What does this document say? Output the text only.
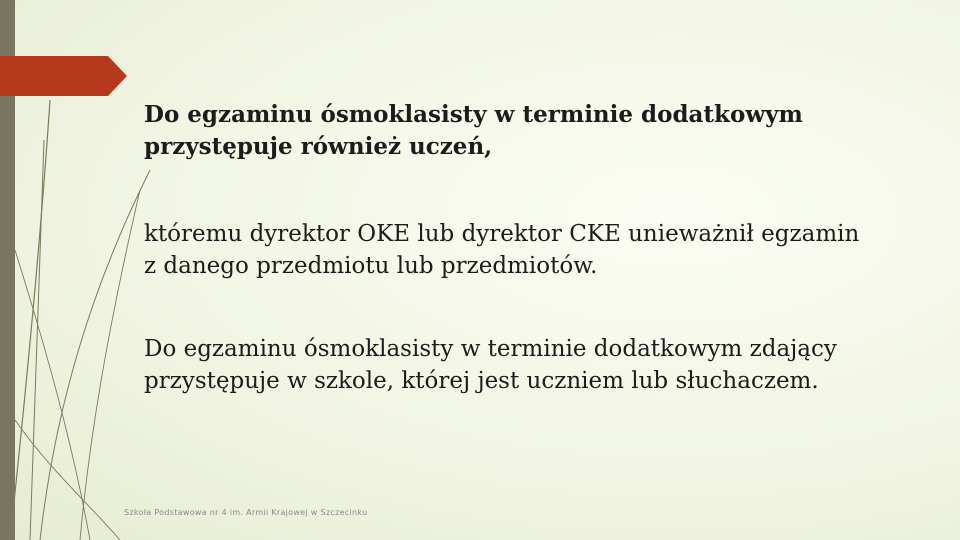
Do egzaminu ósmoklasisty w terminie dodatkowym

przystępuje również uczeń,

któremu dyrektor OKE lub dyrektor CKE unieważnił egzamin

z danego przedmiotu lub przedmiotów.

Do egzaminu ósmoklasisty w terminie dodatkowym zdający

przystępuje w szkole, której jest uczniem lub słuchaczem.

Szkoła Podstawowa nr 4 im. Armii Krajowej w Szczecinku
